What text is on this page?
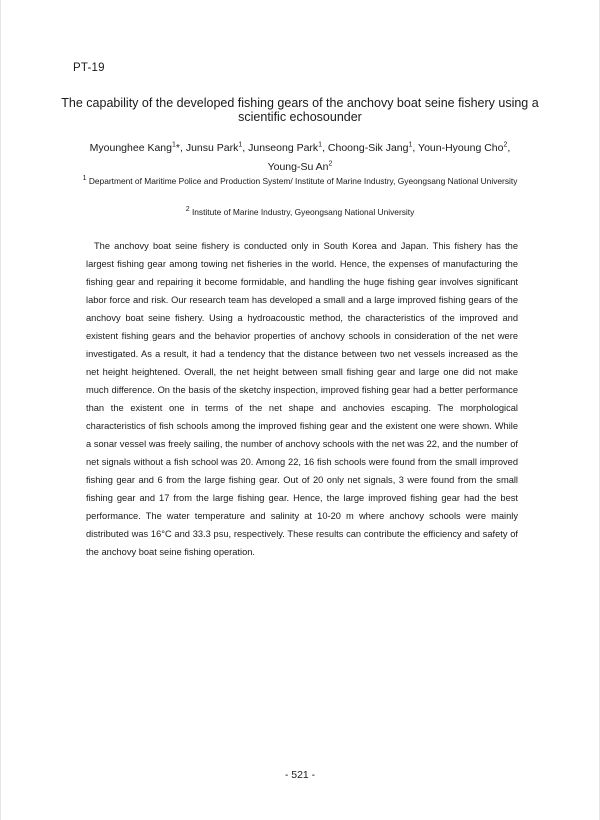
PT-19
The capability of the developed fishing gears of the anchovy boat seine fishery using a scientific echosounder
Myounghee Kang$^1$*, Junsu Park$^1$, Junseong Park$^1$, Choong-Sik Jang$^1$, Youn-Hyoung Cho$^2$,
Young-Su An$^2$
$^1$ Department of Maritime Police and Production System/ Institute of Marine Industry, Gyeongsang National University
$^2$ Institute of Marine Industry, Gyeongsang National University

The anchovy boat seine fishery is conducted only in South Korea and Japan. This fishery has the largest fishing gear among towing net fisheries in the world. Hence, the expenses of manufacturing the fishing gear and repairing it become formidable, and handling the huge fishing gear involves significant labor force and risk. Our research team has developed a small and a large improved fishing gears of the anchovy boat seine fishery. Using a hydroacoustic method, the characteristics of the improved and existent fishing gears and the behavior properties of anchovy schools in consideration of the net were investigated. As a result, it had a tendency that the distance between two net vessels increased as the net height heightened. Overall, the net height between small fishing gear and large one did not make much difference. On the basis of the sketchy inspection, improved fishing gear had a better performance than the existent one in terms of the net shape and anchovies escaping. The morphological characteristics of fish schools among the improved fishing gear and the existent one were shown. While a sonar vessel was freely sailing, the number of anchovy schools with the net was 22, and the number of net signals without a fish school was 20. Among 22, 16 fish schools were found from the small improved fishing gear and 6 from the large fishing gear. Out of 20 only net signals, 3 were found from the small fishing gear and 17 from the large fishing gear. Hence, the large improved fishing gear had the best performance. The water temperature and salinity at 10-20 m where anchovy schools were mainly distributed was 16°C and 33.3 psu, respectively. These results can contribute the efficiency and safety of the anchovy boat seine fishing operation.

- 521 -
